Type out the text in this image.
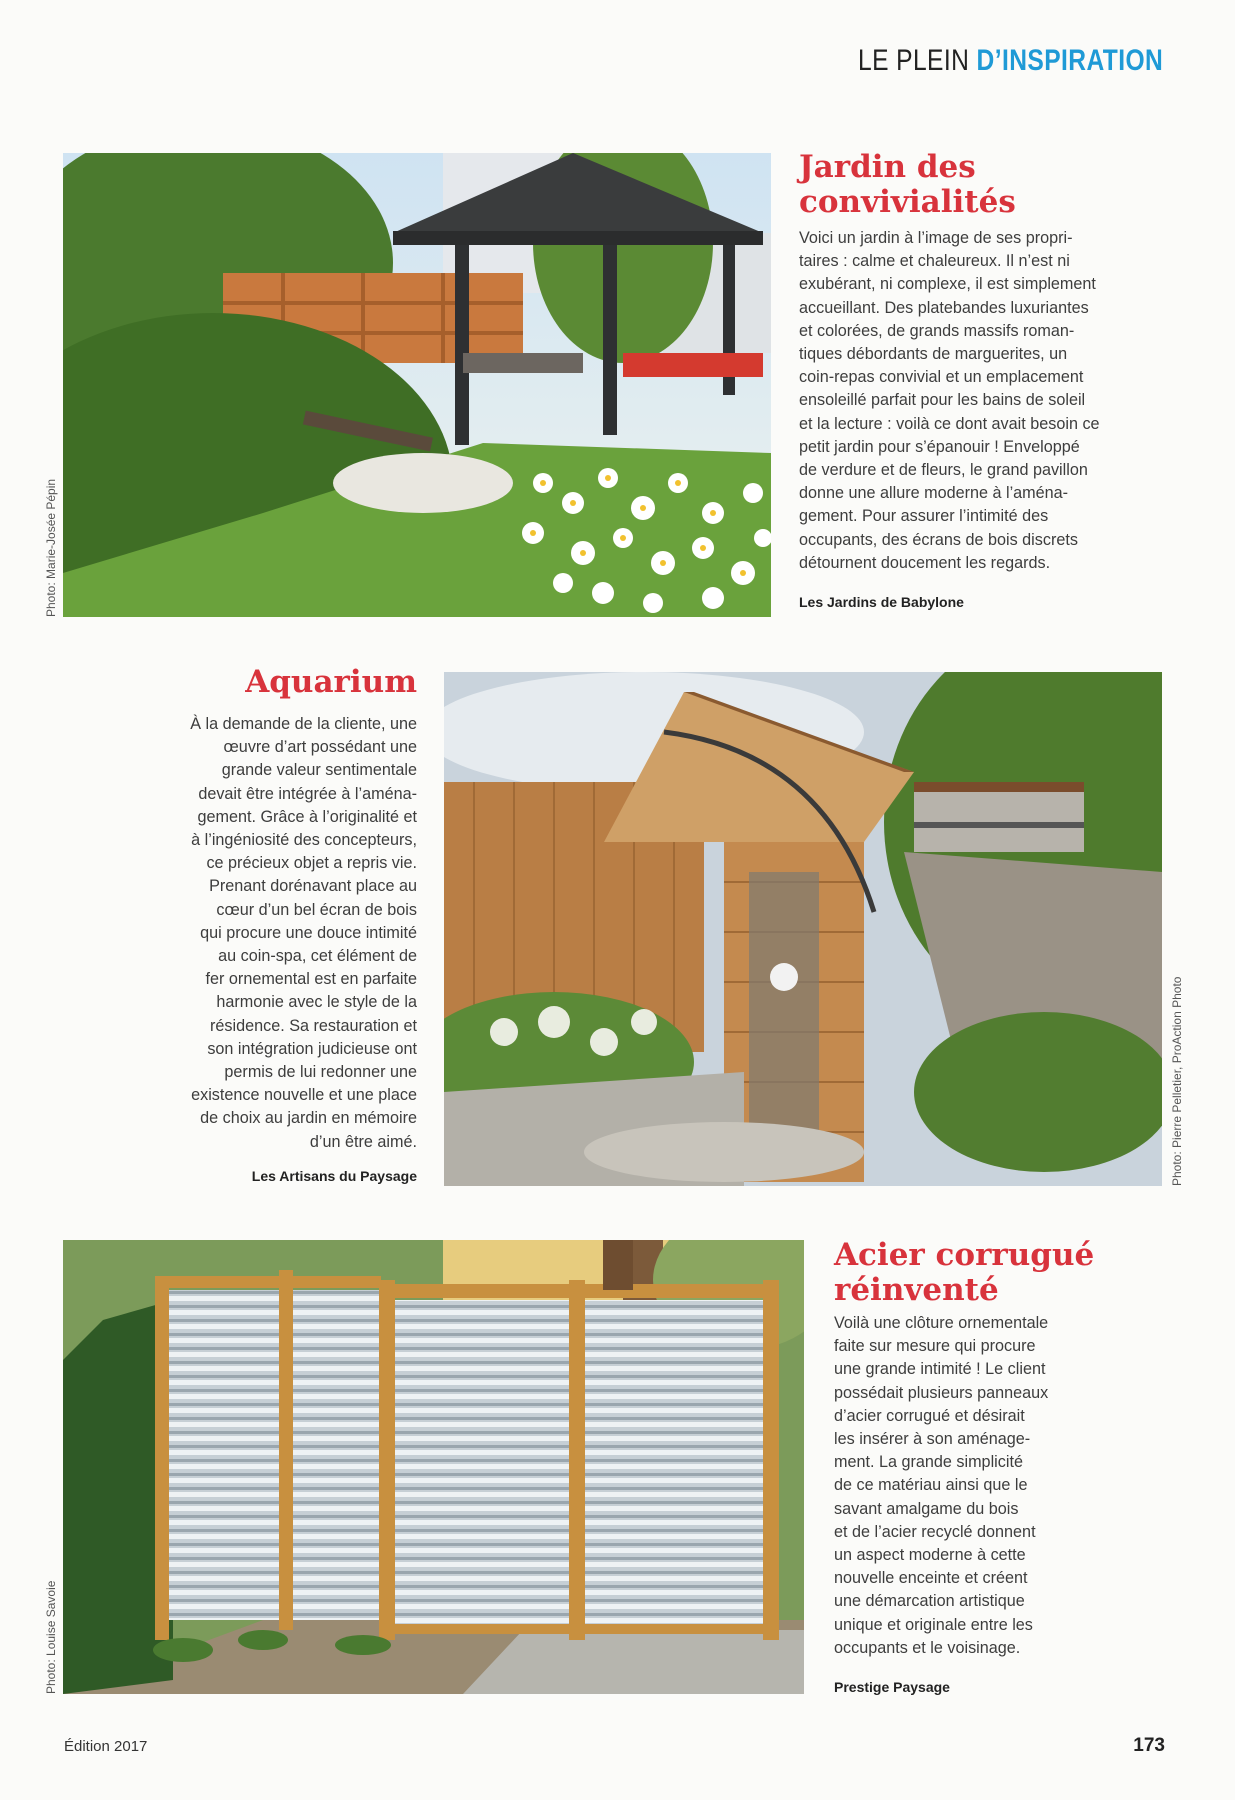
LE PLEIN D’INSPIRATION
Photo: Marie-Josée Pépin
Jardin des
convivialités

Voici un jardin à l’image de ses propri-
taires : calme et chaleureux. Il n’est ni
exubérant, ni complexe, il est simplement
accueillant. Des platebandes luxuriantes
et colorées, de grands massifs roman-
tiques débordants de marguerites, un
coin-repas convivial et un emplacement
ensoleillé parfait pour les bains de soleil
et la lecture : voilà ce dont avait besoin ce
petit jardin pour s’épanouir ! Enveloppé
de verdure et de fleurs, le grand pavillon
donne une allure moderne à l’aména-
gement. Pour assurer l’intimité des
occupants, des écrans de bois discrets
détournent doucement les regards.

Les Jardins de Babylone
Aquarium

À la demande de la cliente, une
œuvre d’art possédant une
grande valeur sentimentale
devait être intégrée à l’aména-
gement. Grâce à l’originalité et
à l’ingéniosité des concepteurs,
ce précieux objet a repris vie.
Prenant dorénavant place au
cœur d’un bel écran de bois
qui procure une douce intimité
au coin-spa, cet élément de
fer ornemental est en parfaite
harmonie avec le style de la
résidence. Sa restauration et
son intégration judicieuse ont
permis de lui redonner une
existence nouvelle et une place
de choix au jardin en mémoire
d’un être aimé.

Les Artisans du Paysage	Photo: Pierre Pelletier, ProAction Photo
Photo: Louise Savoie
Acier corrugué
réinventé

Voilà une clôture ornementale
faite sur mesure qui procure
une grande intimité ! Le client
possédait plusieurs panneaux
d’acier corrugué et désirait
les insérer à son aménage-
ment. La grande simplicité
de ce matériau ainsi que le
savant amalgame du bois
et de l’acier recyclé donnent
un aspect moderne à cette
nouvelle enceinte et créent
une démarcation artistique
unique et originale entre les
occupants et le voisinage.

Prestige Paysage
Édition 2017	173
